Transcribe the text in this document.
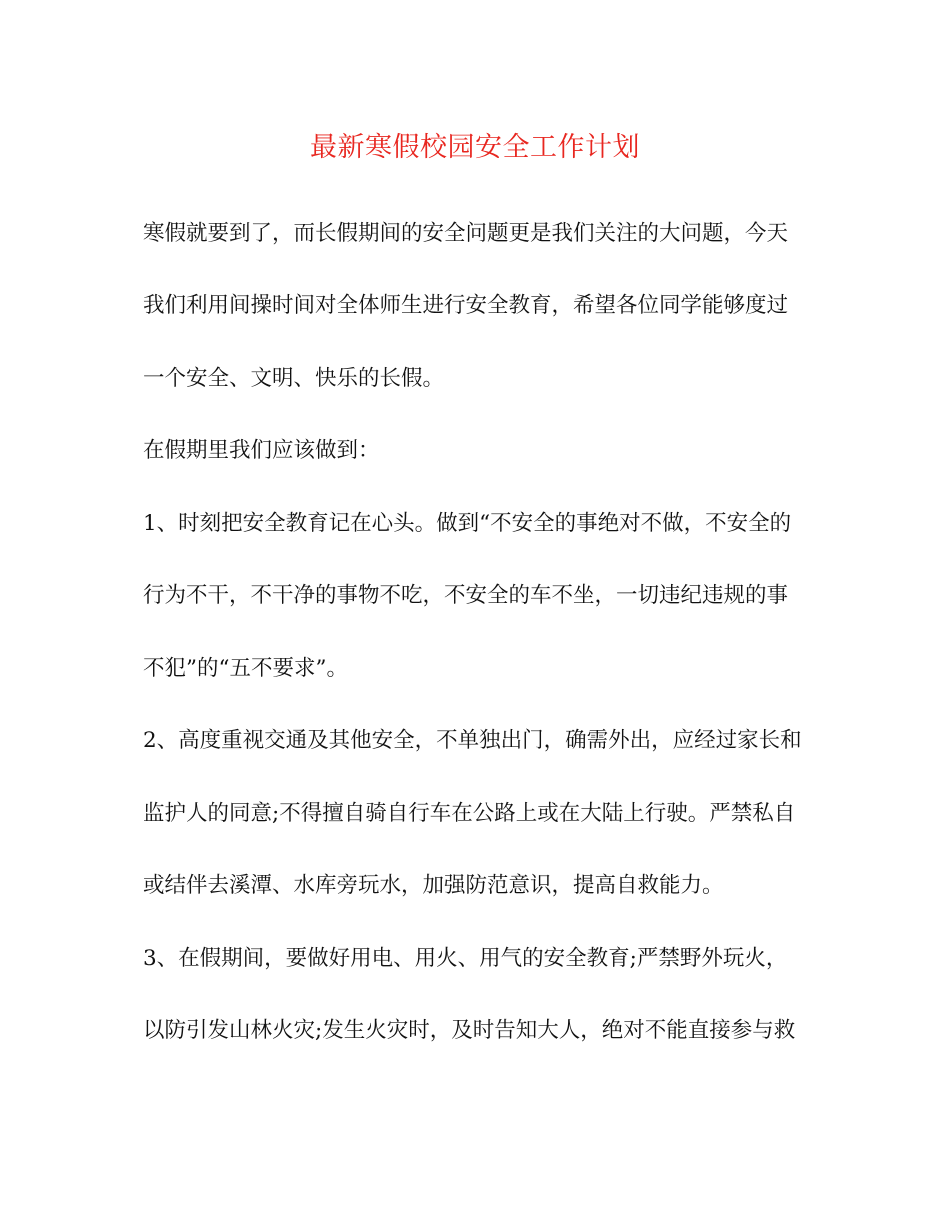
最新寒假校园安全工作计划
寒假就要到了，而长假期间的安全问题更是我们关注的大问题，今天
我们利用间操时间对全体师生进行安全教育，希望各位同学能够度过
一个安全、文明、快乐的长假。
在假期里我们应该做到：
1、时刻把安全教育记在心头。做到“不安全的事绝对不做，不安全的
行为不干，不干净的事物不吃，不安全的车不坐，一切违纪违规的事
不犯”的“五不要求”。
2、高度重视交通及其他安全，不单独出门，确需外出，应经过家长和
监护人的同意;不得擅自骑自行车在公路上或在大陆上行驶。严禁私自
或结伴去溪潭、水库旁玩水，加强防范意识，提高自救能力。
3、在假期间，要做好用电、用火、用气的安全教育;严禁野外玩火，
以防引发山林火灾;发生火灾时，及时告知大人，绝对不能直接参与救
